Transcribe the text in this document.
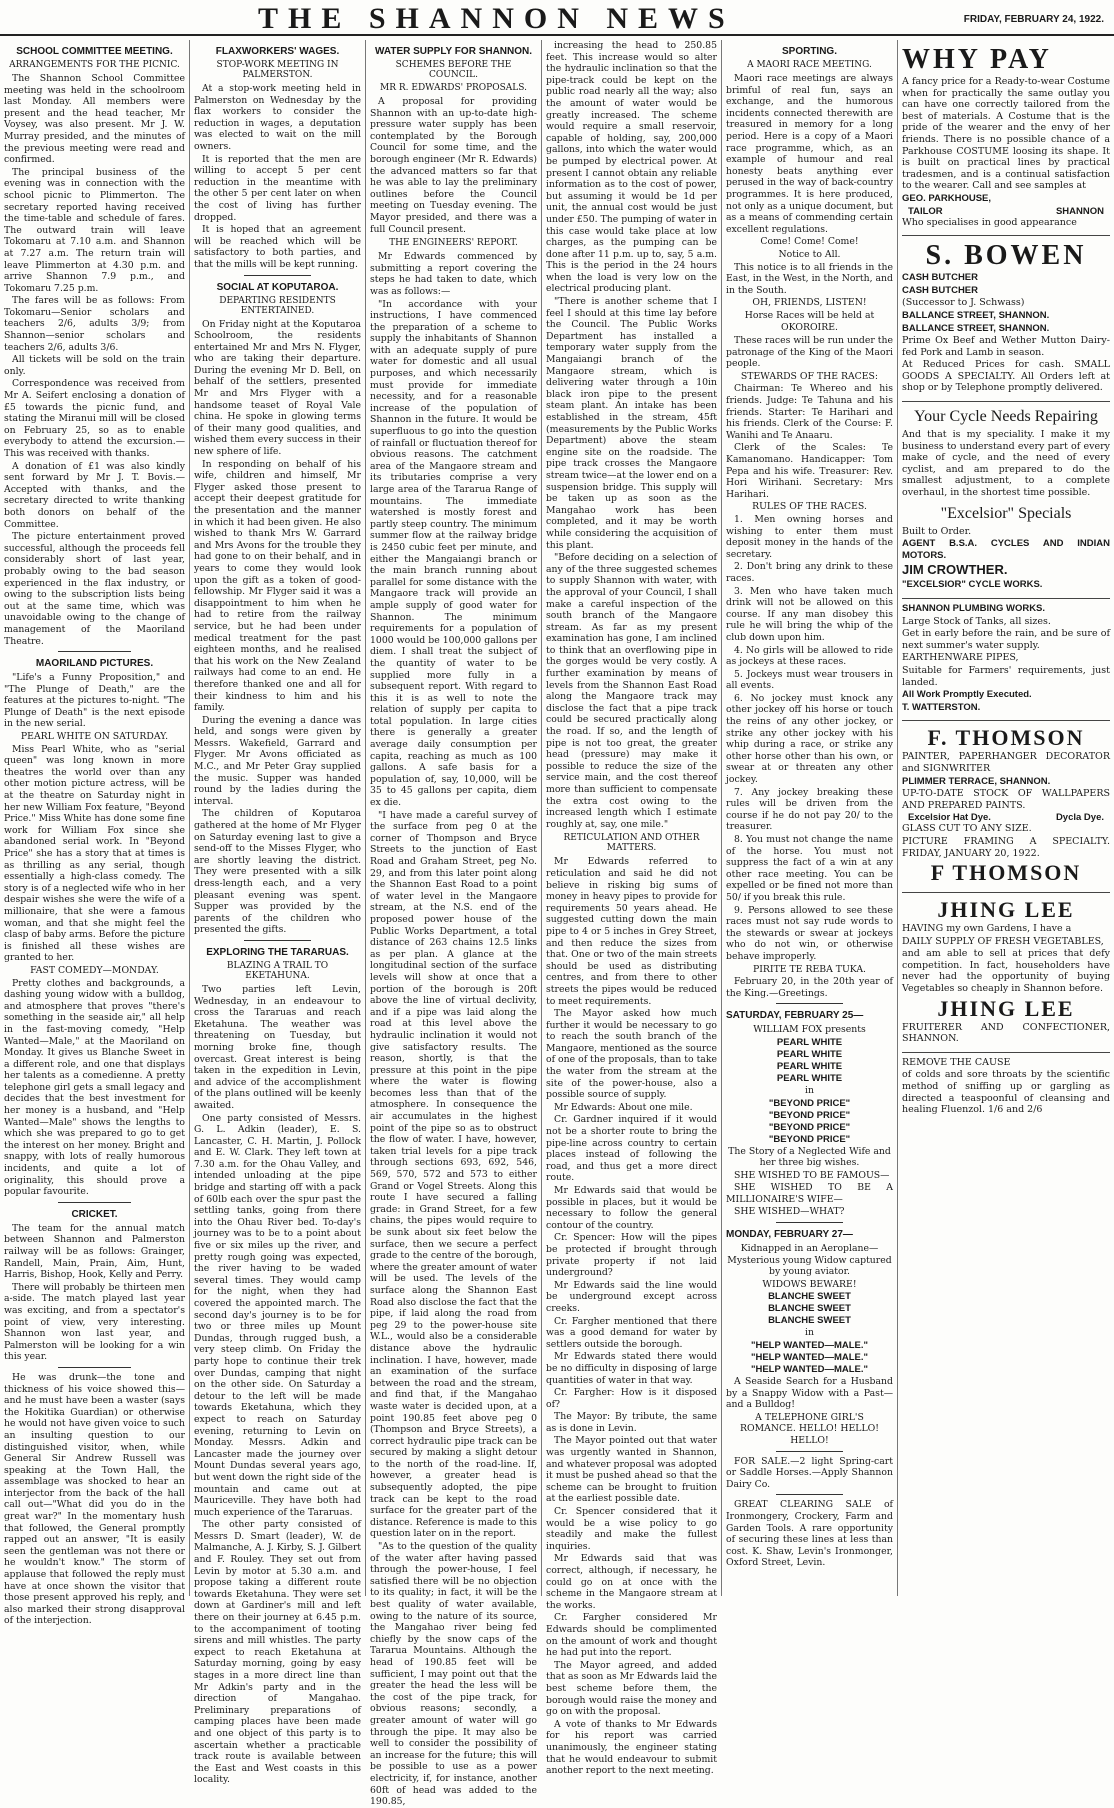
THE SHANNON NEWS	FRIDAY, FEBRUARY 24, 1922.
SCHOOL COMMITTEE MEETING.
ARRANGEMENTS FOR THE PICNIC.

The Shannon School Committee meeting was held in the schoolroom last Monday. All members were present and the head teacher, Mr Voysey, was also present. Mr J. W. Murray presided, and the minutes of the previous meeting were read and confirmed.

The principal business of the evening was in connection with the school picnic to Plimmerton. The secretary reported having received the time-table and schedule of fares. The outward train will leave Tokomaru at 7.10 a.m. and Shannon at 7.27 a.m. The return train will leave Plimmerton at 4.30 p.m. and arrive Shannon 7.9 p.m., and Tokomaru 7.25 p.m.

The fares will be as follows: From Tokomaru—Senior scholars and teachers 2/6, adults 3/9; from Shannon—senior scholars and teachers 2/6, adults 3/6.

All tickets will be sold on the train only.

Correspondence was received from Mr A. Seifert enclosing a donation of £5 towards the picnic fund, and stating the Miranui mill will be closed on February 25, so as to enable everybody to attend the excursion.—This was received with thanks.

A donation of £1 was also kindly sent forward by Mr J. T. Bovis.—Accepted with thanks, and the secretary directed to write thanking both donors on behalf of the Committee.

The picture entertainment proved successful, although the proceeds fell considerably short of last year, probably owing to the bad season experienced in the flax industry, or owing to the subscription lists being out at the same time, which was unavoidable owing to the change of management of the Maoriland Theatre.

MAORILAND PICTURES.

"Life's a Funny Proposition," and "The Plunge of Death," are the features at the pictures to-night. "The Plunge of Death" is the next episode in the new serial.

PEARL WHITE ON SATURDAY.

Miss Pearl White, who as "serial queen" was long known in more theatres the world over than any other motion picture actress, will be at the theatre on Saturday night in her new William Fox feature, "Beyond Price." Miss White has done some fine work for William Fox since she abandoned serial work. In "Beyond Price" she has a story that at times is as thrilling as any serial, though essentially a high-class comedy. The story is of a neglected wife who in her despair wishes she were the wife of a millionaire, that she were a famous woman, and that she might feel the clasp of baby arms. Before the picture is finished all these wishes are granted to her.

FAST COMEDY—MONDAY.

Pretty clothes and backgrounds, a dashing young widow with a bulldog, and atmosphere that proves "there's something in the seaside air," all help in the fast-moving comedy, "Help Wanted—Male," at the Maoriland on Monday. It gives us Blanche Sweet in a different role, and one that displays her talents as a comedienne. A pretty telephone girl gets a small legacy and decides that the best investment for her money is a husband, and "Help Wanted—Male" shows the lengths to which she was prepared to go to get the interest on her money. Bright and snappy, with lots of really humorous incidents, and quite a lot of originality, this should prove a popular favourite.

CRICKET.

The team for the annual match between Shannon and Palmerston railway will be as follows: Grainger, Randell, Main, Prain, Aim, Hunt, Harris, Bishop, Hook, Kelly and Perry.

There will probably be thirteen men a-side. The match played last year was exciting, and from a spectator's point of view, very interesting. Shannon won last year, and Palmerston will be looking for a win this year.

He was drunk—the tone and thickness of his voice showed this—and he must have been a waster (says the Hokitika Guardian) or otherwise he would not have given voice to such an insulting question to our distinguished visitor, when, while General Sir Andrew Russell was speaking at the Town Hall, the assemblage was shocked to hear an interjector from the back of the hall call out—"What did you do in the great war?" In the momentary hush that followed, the General promptly rapped out an answer, "It is easily seen the gentleman was not there or he wouldn't know." The storm of applause that followed the reply must have at once shown the visitor that those present approved his reply, and also marked their strong disapproval of the interjection.

FLAXWORKERS' WAGES.
STOP-WORK MEETING IN PALMERSTON.

At a stop-work meeting held in Palmerston on Wednesday by the flax workers to consider the reduction in wages, a deputation was elected to wait on the mill owners.

It is reported that the men are willing to accept 5 per cent reduction in the meantime with the other 5 per cent later on when the cost of living has further dropped.

It is hoped that an agreement will be reached which will be satisfactory to both parties, and that the mills will be kept running.

SOCIAL AT KOPUTAROA.
DEPARTING RESIDENTS ENTERTAINED.

On Friday night at the Koputaroa Schoolroom, the residents entertained Mr and Mrs N. Flyger, who are taking their departure. During the evening Mr D. Bell, on behalf of the settlers, presented Mr and Mrs Flyger with a handsome teaset of Royal Vale china. He spoke in glowing terms of their many good qualities, and wished them every success in their new sphere of life.

In responding on behalf of his wife, children and himself, Mr Flyger asked those present to accept their deepest gratitude for the presentation and the manner in which it had been given. He also wished to thank Mrs W. Garrard and Mrs Avons for the trouble they had gone to on their behalf, and in years to come they would look upon the gift as a token of good-fellowship. Mr Flyger said it was a disappointment to him when he had to retire from the railway service, but he had been under medical treatment for the past eighteen months, and he realised that his work on the New Zealand railways had come to an end. He therefore thanked one and all for their kindness to him and his family.

During the evening a dance was held, and songs were given by Messrs. Wakefield, Garrard and Flyger. Mr Avons officiated as M.C., and Mr Peter Gray supplied the music. Supper was handed round by the ladies during the interval.

The children of Koputaroa gathered at the home of Mr Flyger on Saturday evening last to give a send-off to the Misses Flyger, who are shortly leaving the district. They were presented with a silk dress-length each, and a very pleasant evening was spent. Supper was provided by the parents of the children who presented the gifts.

EXPLORING THE TARARUAS.
BLAZING A TRAIL TO EKETAHUNA.

Two parties left Levin, Wednesday, in an endeavour to cross the Tararuas and reach Eketahuna. The weather was threatening on Tuesday, but morning broke fine, though overcast. Great interest is being taken in the expedition in Levin, and advice of the accomplishment of the plans outlined will be keenly awaited.

One party consisted of Messrs. G. L. Adkin (leader), E. S. Lancaster, C. H. Martin, J. Pollock and E. W. Clark. They left town at 7.30 a.m. for the Ohau Valley, and intended unloading at the pipe bridge and starting off with a pack of 60lb each over the spur past the settling tanks, going from there into the Ohau River bed. To-day's journey was to be to a point about five or six miles up the river, and pretty rough going was expected, the river having to be waded several times. They would camp for the night, when they had covered the appointed march. The second day's journey is to be for two or three miles up Mount Dundas, through rugged bush, a very steep climb. On Friday the party hope to continue their trek over Dundas, camping that night on the other side. On Saturday a detour to the left will be made towards Eketahuna, which they expect to reach on Saturday evening, returning to Levin on Monday. Messrs. Adkin and Lancaster made the journey over Mount Dundas several years ago, but went down the right side of the mountain and came out at Mauriceville. They have both had much experience of the Tararuas.

The other party consisted of Messrs D. Smart (leader), W. de Malmanche, A. J. Kirby, S. J. Gilbert and F. Rouley. They set out from Levin by motor at 5.30 a.m. and propose taking a different route towards Eketahuna. They were set down at Gardiner's mill and left there on their journey at 6.45 p.m. to the accompaniment of tooting sirens and mill whistles. The party expect to reach Eketahuna at Saturday morning, going by easy stages in a more direct line than Mr Adkin's party and in the direction of Mangahao. Preliminary preparations of camping places have been made and one object of this party is to ascertain whether a practicable track route is available between the East and West coasts in this locality.

WATER SUPPLY FOR SHANNON.
SCHEMES BEFORE THE COUNCIL.
MR R. EDWARDS' PROPOSALS.

A proposal for providing Shannon with an up-to-date high-pressure water supply has been contemplated by the Borough Council for some time, and the borough engineer (Mr R. Edwards) the advanced matters so far that he was able to lay the preliminary outlines before the Council meeting on Tuesday evening. The Mayor presided, and there was a full Council present.

THE ENGINEERS' REPORT.

Mr Edwards commenced by submitting a report covering the steps he had taken to date, which was as follows:—

"In accordance with your instructions, I have commenced the preparation of a scheme to supply the inhabitants of Shannon with an adequate supply of pure water for domestic and all usual purposes, and which necessarily must provide for immediate necessity, and for a reasonable increase of the population of Shannon in the future. It would be superfluous to go into the question of rainfall or fluctuation thereof for obvious reasons. The catchment area of the Mangaore stream and its tributaries comprise a very large area of the Tararua Range of mountains. The immediate watershed is mostly forest and partly steep country. The minimum summer flow at the railway bridge is 2450 cubic feet per minute, and either the Mangaiangi branch or the main branch running about parallel for some distance with the Mangaore track will provide an ample supply of good water for Shannon. The minimum requirements for a population of 1000 would be 100,000 gallons per diem. I shall treat the subject of the quantity of water to be supplied more fully in a subsequent report. With regard to this it is as well to note the relation of supply per capita to total population. In large cities there is generally a greater average daily consumption per capita, reaching as much as 100 gallons. A safe basis for a population of, say, 10,000, will be 35 to 45 gallons per capita, diem ex die.

"I have made a careful survey of the surface from peg 0 at the corner of Thompson and Bryce Streets to the junction of East Road and Graham Street, peg No. 29, and from this later point along the Shannon East Road to a point of water level in the Mangaore stream, at the N.S. end of the proposed power house of the Public Works Department, a total distance of 263 chains 12.5 links as per plan. A glance at the longitudinal section of the surface levels will show at once that a portion of the borough is 20ft above the line of virtual declivity, and if a pipe was laid along the road at this level above the hydraulic inclination it would not give satisfactory results. The reason, shortly, is that the pressure at this point in the pipe where the water is flowing becomes less than that of the atmosphere. In consequence the air accumulates in the highest point of the pipe so as to obstruct the flow of water. I have, however, taken trial levels for a pipe track through sections 693, 692, 546, 569, 570, 572 and 573 to either Grand or Vogel Streets. Along this route I have secured a falling grade: in Grand Street, for a few chains, the pipes would require to be sunk about six feet below the surface, then we secure a perfect grade to the centre of the borough, where the greater amount of water will be used. The levels of the surface along the Shannon East Road also disclose the fact that the pipe, if laid along the road from peg 29 to the power-house site W.L., would also be a considerable distance above the hydraulic inclination. I have, however, made an examination of the surface between the road and the stream, and find that, if the Mangahao waste water is decided upon, at a point 190.85 feet above peg 0 (Thompson and Bryce Streets), a correct hydraulic pipe track can be secured by making a slight detour to the north of the road-line. If, however, a greater head is subsequently adopted, the pipe track can be kept to the road surface for the greater part of the distance. Reference is made to this question later on in the report.

"As to the question of the quality of the water after having passed through the power-house, I feel satisfied there will be no objection to its quality; in fact, it will be the best quality of water available, owing to the nature of its source, the Mangahao river being fed chiefly by the snow caps of the Tararua Mountains. Although the head of 190.85 feet will be sufficient, I may point out that the greater the head the less will be the cost of the pipe track, for obvious reasons; secondly, a greater amount of water will go through the pipe. It may also be well to consider the possibility of an increase for the future; this will be possible to use as a power electricity, if, for instance, another 60ft of head was added to the 190.85,

increasing the head to 250.85 feet. This increase would so alter the hydraulic inclination so that the pipe-track could be kept on the public road nearly all the way; also the amount of water would be greatly increased. The scheme would require a small reservoir, capable of holding, say, 200,000 gallons, into which the water would be pumped by electrical power. At present I cannot obtain any reliable information as to the cost of power, but assuming it would be 1d per unit, the annual cost would be just under £50. The pumping of water in this case would take place at low charges, as the pumping can be done after 11 p.m. up to, say, 5 a.m. This is the period in the 24 hours when the load is very low on the electrical producing plant.

"There is another scheme that I feel I should at this time lay before the Council. The Public Works Department has installed a temporary water supply from the Mangaiangi branch of the Mangaore stream, which is delivering water through a 10in black iron pipe to the present steam plant. An intake has been established in the stream, 45ft (measurements by the Public Works Department) above the steam engine site on the roadside. The pipe track crosses the Mangaore stream twice—at the lower end on a suspension bridge. This supply will be taken up as soon as the Mangahao work has been completed, and it may be worth while considering the acquisition of this plant.

"Before deciding on a selection of any of the three suggested schemes to supply Shannon with water, with the approval of your Council, I shall make a careful inspection of the south branch of the Mangaore stream. As far as my present examination has gone, I am inclined to think that an overflowing pipe in the gorges would be very costly. A further examination by means of levels from the Shannon East Road along the Mangaore track may disclose the fact that a pipe track could be secured practically along the road. If so, and the length of pipe is not too great, the greater head (pressure) may make it possible to reduce the size of the service main, and the cost thereof more than sufficient to compensate the extra cost owing to the increased length which I estimate roughly at, say, one mile."

RETICULATION AND OTHER MATTERS.

Mr Edwards referred to reticulation and said he did not believe in risking big sums of money in heavy pipes to provide for requirements 50 years ahead. He suggested cutting down the main pipe to 4 or 5 inches in Grey Street, and then reduce the sizes from that. One or two of the main streets should be used as distributing centres, and from there to other streets the pipes would be reduced to meet requirements.

The Mayor asked how much further it would be necessary to go to reach the south branch of the Mangaore, mentioned as the source of one of the proposals, than to take the water from the stream at the site of the power-house, also a possible source of supply.

Mr Edwards: About one mile.

Cr. Gardner inquired if it would not be a shorter route to bring the pipe-line across country to certain places instead of following the road, and thus get a more direct route.

Mr Edwards said that would be possible in places, but it would be necessary to follow the general contour of the country.

Cr. Spencer: How will the pipes be protected if brought through private property if not laid underground?

Mr Edwards said the line would be underground except across creeks.

Cr. Fargher mentioned that there was a good demand for water by settlers outside the borough.

Mr Edwards stated there would be no difficulty in disposing of large quantities of water in that way.

Cr. Fargher: How is it disposed of?

The Mayor: By tribute, the same as is done in Levin.

The Mayor pointed out that water was urgently wanted in Shannon, and whatever proposal was adopted it must be pushed ahead so that the scheme can be brought to fruition at the earliest possible date.

Cr. Spencer considered that it would be a wise policy to go steadily and make the fullest inquiries.

Mr Edwards said that was correct, although, if necessary, he could go on at once with the scheme in the Mangaore stream at the works.

Cr. Fargher considered Mr Edwards should be complimented on the amount of work and thought he had put into the report.

The Mayor agreed, and added that as soon as Mr Edwards laid the best scheme before them, the borough would raise the money and go on with the proposal.

A vote of thanks to Mr Edwards for his report was carried unanimously, the engineer stating that he would endeavour to submit another report to the next meeting.

SPORTING.
A MAORI RACE MEETING.

Maori race meetings are always brimful of real fun, says an exchange, and the humorous incidents connected therewith are treasured in memory for a long period. Here is a copy of a Maori race programme, which, as an example of humour and real honesty beats anything ever perused in the way of back-country programmes. It is here produced, not only as a unique document, but as a means of commending certain excellent regulations.

Come! Come! Come!

Notice to All.

This notice is to all friends in the East, in the West, in the North, and in the South.

OH, FRIENDS, LISTEN!

Horse Races will be held at

OKOROIRE.

These races will be run under the patronage of the King of the Maori people.

STEWARDS OF THE RACES:

Chairman: Te Whereo and his friends. Judge: Te Tahuna and his friends. Starter: Te Harihari and his friends. Clerk of the Course: F. Wanihi and Te Anaaru.

Clerk of the Scales: Te Kamanomano. Handicapper: Tom Pepa and his wife. Treasurer: Rev. Hori Wirihani. Secretary: Mrs Harihari.

RULES OF THE RACES.

1. Men owning horses and wishing to enter them must deposit money in the hands of the secretary.

2. Don't bring any drink to these races.

3. Men who have taken much drink will not be allowed on this course. If any man disobey this rule he will bring the whip of the club down upon him.

4. No girls will be allowed to ride as jockeys at these races.

5. Jockeys must wear trousers in all events.

6. No jockey must knock any other jockey off his horse or touch the reins of any other jockey, or strike any other jockey with his whip during a race, or strike any other horse other than his own, or swear at or threaten any other jockey.

7. Any jockey breaking these rules will be driven from the course if he do not pay 20/ to the treasurer.

8. You must not change the name of the horse. You must not suppress the fact of a win at any other race meeting. You can be expelled or be fined not more than 50/ if you break this rule.

9. Persons allowed to see these races must not say rude words to the stewards or swear at jockeys who do not win, or otherwise behave improperly.

PIRITE TE REBA TUKA.

February 20, in the 20th year of the King.—Greetings.

SATURDAY, FEBRUARY 25—

WILLIAM FOX presents

PEARL WHITE
PEARL WHITE
PEARL WHITE
PEARL WHITE

in

"BEYOND PRICE"
"BEYOND PRICE"
"BEYOND PRICE"
"BEYOND PRICE"

The Story of a Neglected Wife and her three big wishes.

SHE WISHED TO BE FAMOUS—

SHE WISHED TO BE A MILLIONAIRE'S WIFE—

SHE WISHED—WHAT?

MONDAY, FEBRUARY 27—

Kidnapped in an Aeroplane—Mysterious young Widow captured by young aviator.

WIDOWS BEWARE!

BLANCHE SWEET
BLANCHE SWEET
BLANCHE SWEET

in

"HELP WANTED—MALE."
"HELP WANTED—MALE."
"HELP WANTED—MALE."

A Seaside Search for a Husband by a Snappy Widow with a Past—and a Bulldog!

A TELEPHONE GIRL'S ROMANCE. HELLO! HELLO! HELLO!

FOR SALE.—2 light Spring-cart or Saddle Horses.—Apply Shannon Dairy Co.

GREAT CLEARING SALE of Ironmongery, Crockery, Farm and Garden Tools. A rare opportunity of securing these lines at less than cost. K. Shaw, Levin's Ironmonger, Oxford Street, Levin.

WHY PAY

A fancy price for a Ready-to-wear Costume when for practically the same outlay you can have one correctly tailored from the best of materials. A Costume that is the pride of the wearer and the envy of her friends. There is no possible chance of a Parkhouse COSTUME loosing its shape. It is built on practical lines by practical tradesmen, and is a continual satisfaction to the wearer. Call and see samples at

GEO. PARKHOUSE,

TAILOR	SHANNON

Who specialises in good appearance

S. BOWEN

CASH BUTCHER

CASH BUTCHER

(Successor to J. Schwass)

BALLANCE STREET, SHANNON.

BALLANCE STREET, SHANNON.

Prime Ox Beef and Wether Mutton Dairy-fed Pork and Lamb in season.

At Reduced Prices for cash. SMALL GOODS A SPECIALTY. All Orders left at shop or by Telephone promptly delivered.

Your Cycle Needs Repairing

And that is my speciality. I make it my business to understand every part of every make of cycle, and the need of every cyclist, and am prepared to do the smallest adjustment, to a complete overhaul, in the shortest time possible.

"Excelsior" Specials

Built to Order.

AGENT B.S.A. CYCLES AND INDIAN MOTORS.

JIM CROWTHER.

"EXCELSIOR" CYCLE WORKS.

SHANNON PLUMBING WORKS.

Large Stock of Tanks, all sizes.

Get in early before the rain, and be sure of next summer's water supply.

EARTHENWARE PIPES,

Suitable for Farmers' requirements, just landed.

All Work Promptly Executed.

T. WATTERSTON.

F. THOMSON

PAINTER, PAPERHANGER DECORATOR and SIGNWRITER

PLIMMER TERRACE, SHANNON.

UP-TO-DATE STOCK OF WALLPAPERS AND PREPARED PAINTS.

Excelsior Hat Dye.	Dycla Dye.

GLASS CUT TO ANY SIZE.

PICTURE FRAMING A SPECIALTY. FRIDAY, JANUARY 20, 1922.

F THOMSON
JHING LEE

HAVING my own Gardens, I have a

DAILY SUPPLY OF FRESH VEGETABLES,

and am able to sell at prices that defy competition. In fact, householders have never had the opportunity of buying Vegetables so cheaply in Shannon before.

JHING LEE

FRUITERER AND CONFECTIONER, SHANNON.

REMOVE THE CAUSE

of colds and sore throats by the scientific method of sniffing up or gargling as directed a teaspoonful of cleansing and healing Fluenzol. 1/6 and 2/6
